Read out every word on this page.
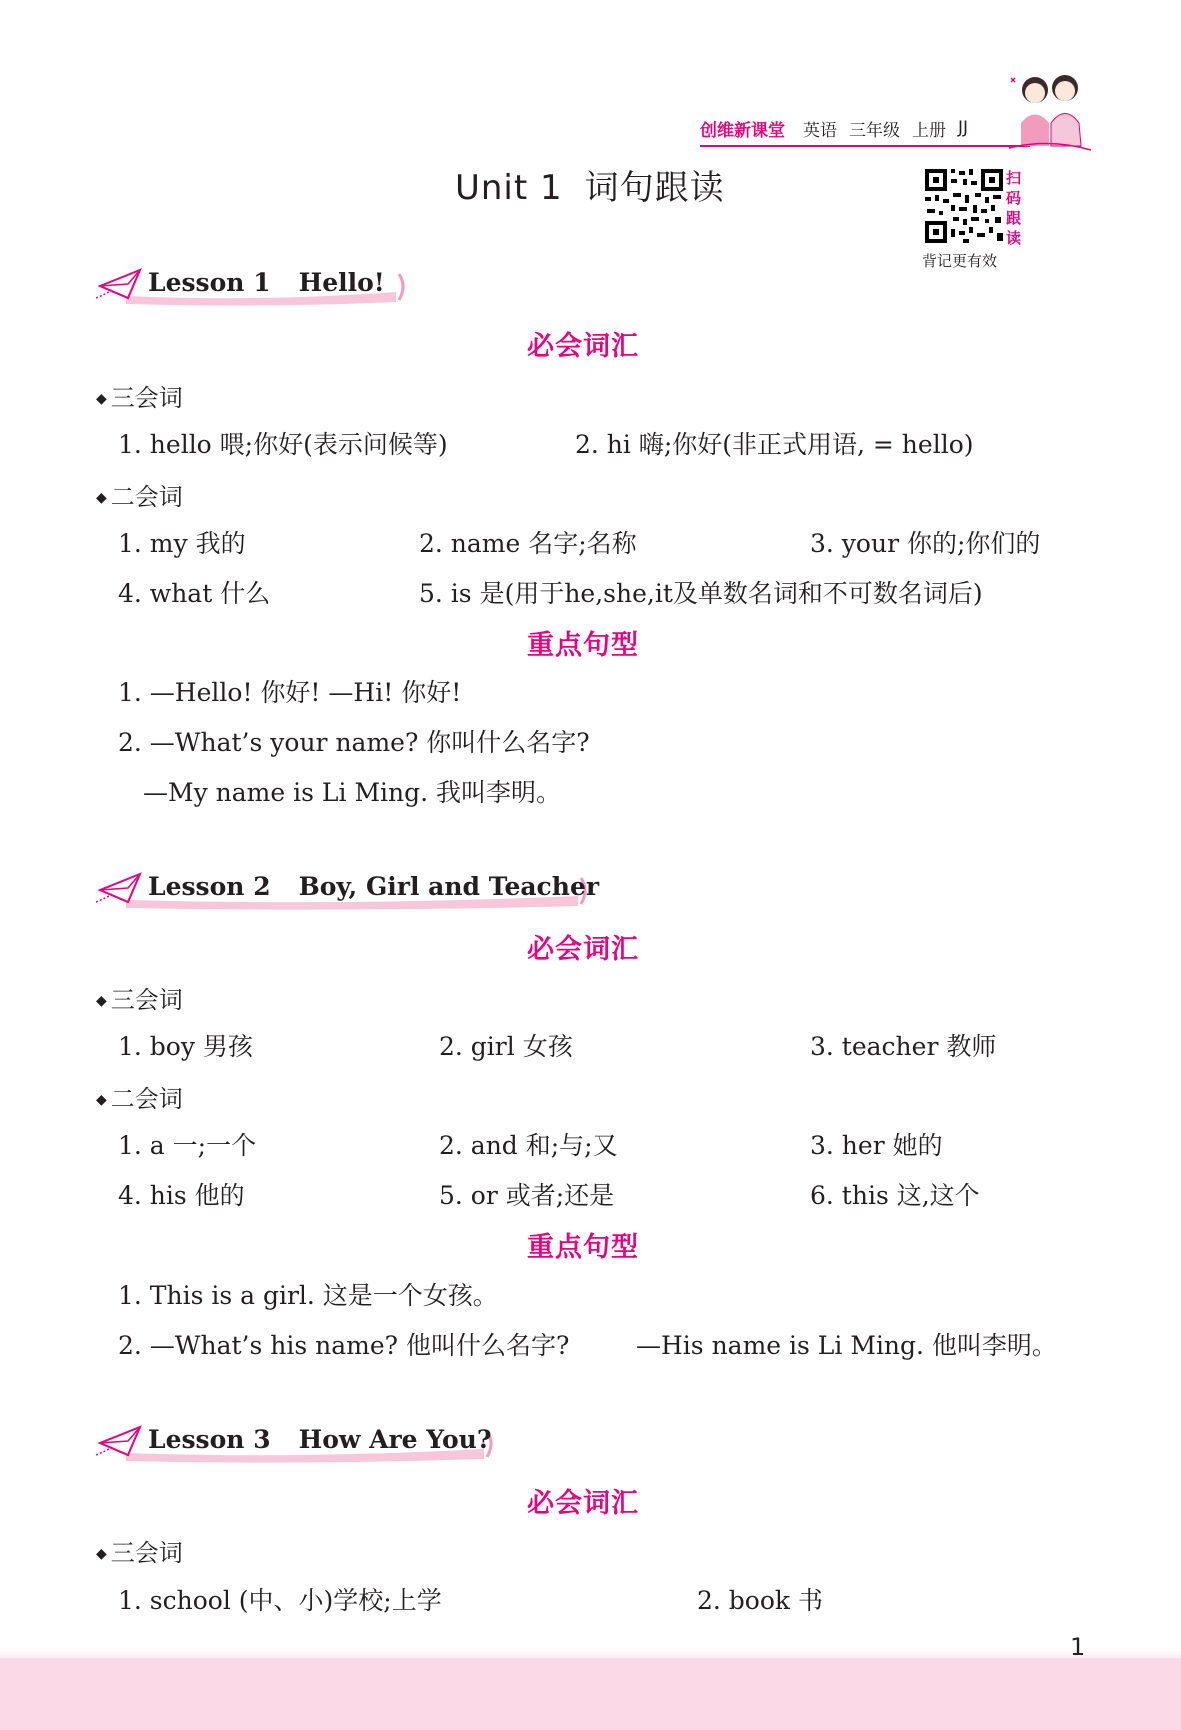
创维新课堂 英语 三年级 上册 JJ
Unit 1 词句跟读	扫
码
跟
读
背记更有效
Lesson 1 Hello!
必会词汇
◆ 三会词
1. hello 喂;你好(表示问候等)	2. hi 嗨;你好(非正式用语, = hello)
◆ 二会词
1. my 我的	2. name 名字;名称	3. your 你的;你们的
4. what 什么	5. is 是(用于he,she,it及单数名词和不可数名词后)
重点句型
1. —Hello! 你好! —Hi! 你好!
2. —What’s your name? 你叫什么名字?
—My name is Li Ming. 我叫李明。
Lesson 2 Boy, Girl and Teacher
必会词汇
◆ 三会词
1. boy 男孩	2. girl 女孩	3. teacher 教师
◆ 二会词
1. a 一;一个	2. and 和;与;又	3. her 她的
4. his 他的	5. or 或者;还是	6. this 这,这个
重点句型
1. This is a girl. 这是一个女孩。
2. —What’s his name? 他叫什么名字?	—His name is Li Ming. 他叫李明。
Lesson 3 How Are You?
必会词汇
◆ 三会词
1. school (中、小)学校;上学	2. book 书
1
